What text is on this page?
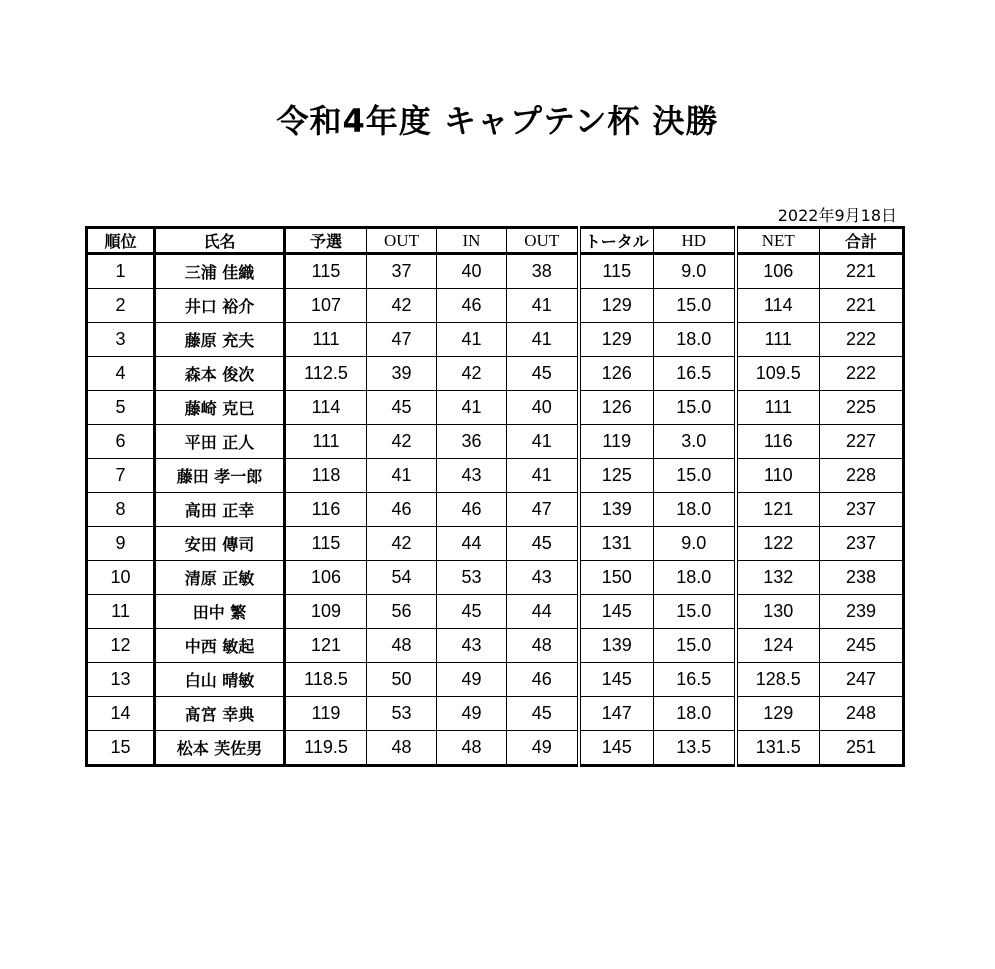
令和4年度 キャプテン杯 決勝
2022年9月18日
順位	氏名	予選	OUT	IN	OUT	トータル	HD	NET	合計
1	三浦 佳織	115	37	40	38	115	9.0	106	221
2	井口 裕介	107	42	46	41	129	15.0	114	221
3	藤原 充夫	111	47	41	41	129	18.0	111	222
4	森本 俊次	112.5	39	42	45	126	16.5	109.5	222
5	藤崎 克巳	114	45	41	40	126	15.0	111	225
6	平田 正人	111	42	36	41	119	3.0	116	227
7	藤田 孝一郎	118	41	43	41	125	15.0	110	228
8	高田 正幸	116	46	46	47	139	18.0	121	237
9	安田 傳司	115	42	44	45	131	9.0	122	237
10	清原 正敏	106	54	53	43	150	18.0	132	238
11	田中 繁	109	56	45	44	145	15.0	130	239
12	中西 敏起	121	48	43	48	139	15.0	124	245
13	白山 晴敏	118.5	50	49	46	145	16.5	128.5	247
14	髙宮 幸典	119	53	49	45	147	18.0	129	248
15	松本 芙佐男	119.5	48	48	49	145	13.5	131.5	251
